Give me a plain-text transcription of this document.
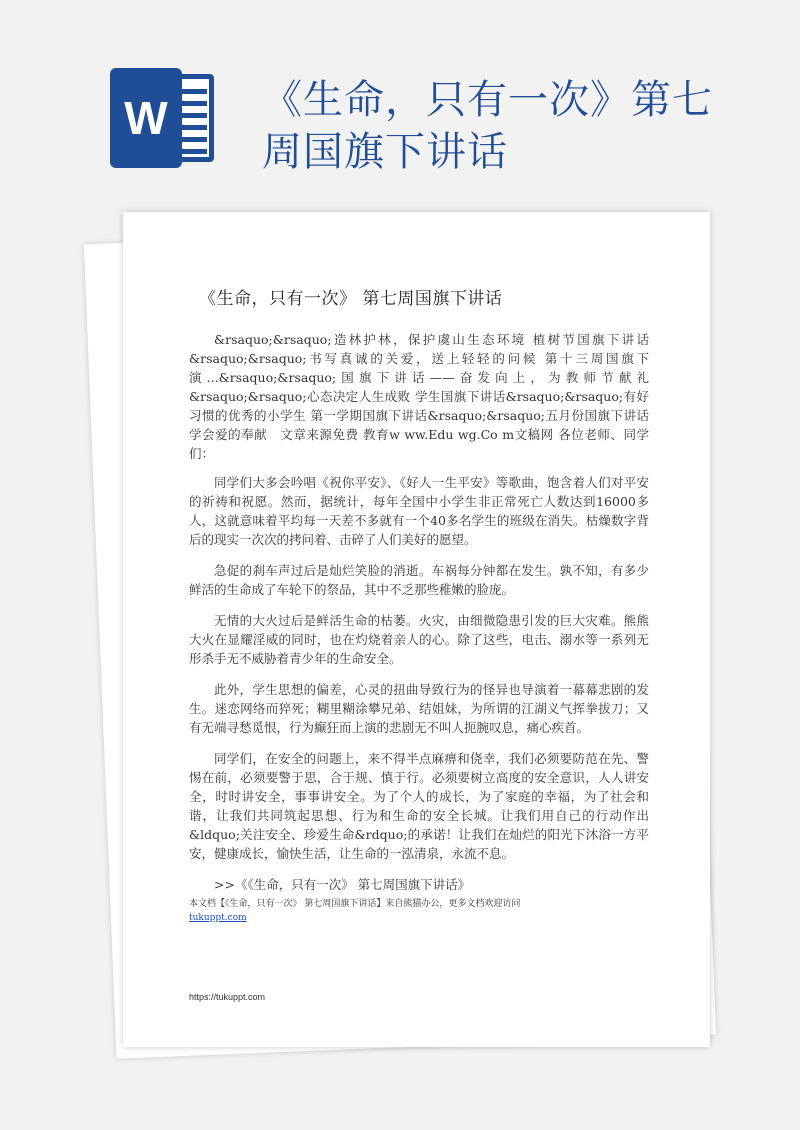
W	《生命，只有一次》第七周国旗下讲话
《生命，只有一次》 第七周国旗下讲话

&rsaquo;&rsaquo;造林护林，保护虞山生态环境 植树节国旗下讲话 &rsaquo;&rsaquo;书写真诚的关爱，送上轻轻的问候 第十三周国旗下演...&rsaquo;&rsaquo;国旗下讲话——奋发向上，为教师节献礼 &rsaquo;&rsaquo;心态决定人生成败 学生国旗下讲话&rsaquo;&rsaquo;有好习惯的优秀的小学生 第一学期国旗下讲话&rsaquo;&rsaquo;五月份国旗下讲话 学会爱的奉献　文章来源免费 教育w ww.Edu wg.Co m文稿网 各位老师、同学们：

同学们大多会吟唱《祝你平安》、《好人一生平安》等歌曲，饱含着人们对平安的祈祷和祝愿。然而，据统计，每年全国中小学生非正常死亡人数达到16000多人，这就意味着平均每一天差不多就有一个40多名学生的班级在消失。枯燥数字背后的现实一次次的拷问着、击碎了人们美好的愿望。

急促的刹车声过后是灿烂笑脸的消逝。车祸每分钟都在发生。孰不知，有多少鲜活的生命成了车轮下的祭品，其中不乏那些稚嫩的脸庞。

无情的大火过后是鲜活生命的枯萎。火灾，由细微隐患引发的巨大灾难。熊熊大火在显耀淫威的同时，也在灼烧着亲人的心。除了这些，电击、溺水等一系列无形杀手无不威胁着青少年的生命安全。

此外，学生思想的偏差，心灵的扭曲导致行为的怪异也导演着一幕幕悲剧的发生。迷恋网络而猝死；糊里糊涂攀兄弟、结姐妹，为所谓的江湖义气挥拳拔刀；又有无端寻愁觅恨，行为癫狂而上演的悲剧无不叫人扼腕叹息，痛心疾首。

同学们，在安全的问题上，来不得半点麻痹和侥幸，我们必须要防范在先、警惕在前，必须要警于思，合于规、慎于行。必须要树立高度的安全意识，人人讲安全，时时讲安全，事事讲安全。为了个人的成长，为了家庭的幸福，为了社会和谐，让我们共同筑起思想、行为和生命的安全长城。让我们用自己的行动作出&ldquo;关注安全、珍爱生命&rdquo;的承诺！让我们在灿烂的阳光下沐浴一方平安，健康成长，愉快生活，让生命的一泓清泉，永流不息。

>>《《生命，只有一次》 第七周国旗下讲话》

本文档【《生命，只有一次》 第七周国旗下讲话】来自熊猫办公，更多文档欢迎访问
tukuppt.com
https://tukuppt.com
